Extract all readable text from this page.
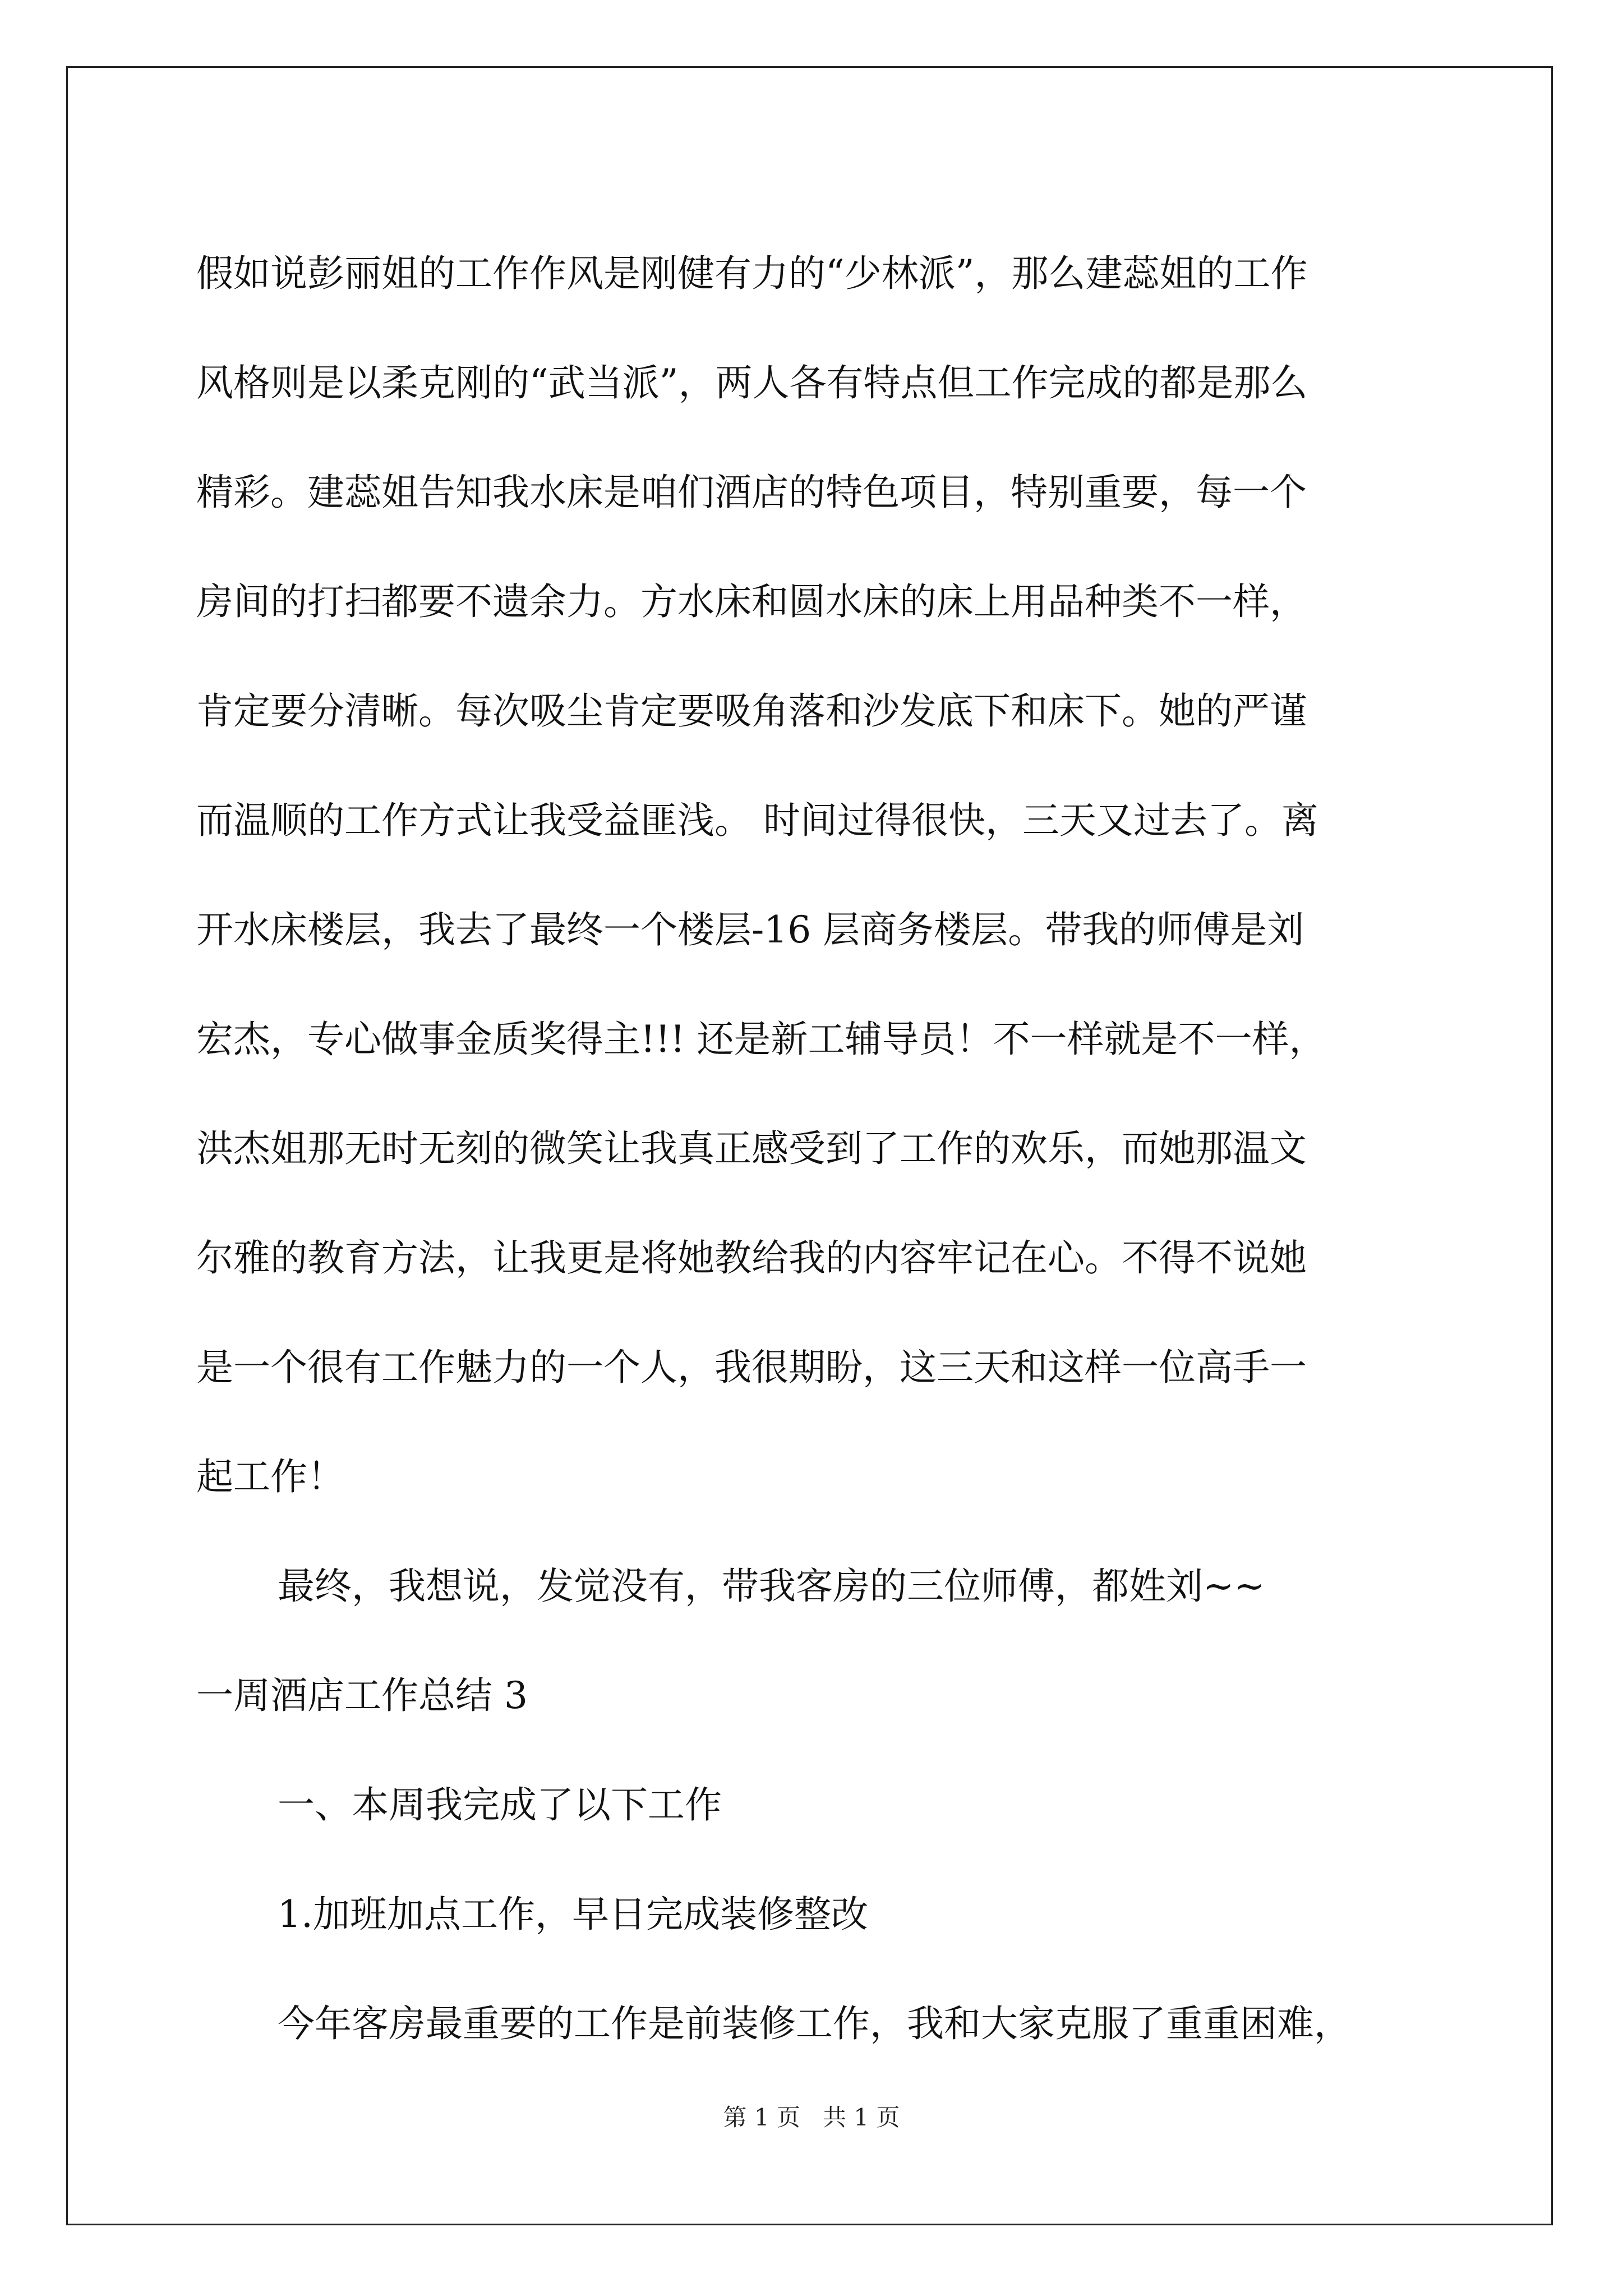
假如说彭丽姐的工作作风是刚健有力的“少林派”，那么建蕊姐的工作
风格则是以柔克刚的“武当派”，两人各有特点但工作完成的都是那么
精彩。建蕊姐告知我水床是咱们酒店的特色项目，特别重要，每一个
房间的打扫都要不遗余力。方水床和圆水床的床上用品种类不一样，
肯定要分清晰。每次吸尘肯定要吸角落和沙发底下和床下。她的严谨
而温顺的工作方式让我受益匪浅。 时间过得很快，三天又过去了。离
开水床楼层，我去了最终一个楼层-16 层商务楼层。带我的师傅是刘
宏杰，专心做事金质奖得主!!! 还是新工辅导员！不一样就是不一样，
洪杰姐那无时无刻的微笑让我真正感受到了工作的欢乐，而她那温文
尔雅的教育方法，让我更是将她教给我的内容牢记在心。不得不说她
是一个很有工作魅力的一个人，我很期盼，这三天和这样一位高手一
起工作！
最终，我想说，发觉没有，带我客房的三位师傅，都姓刘~~
一周酒店工作总结 3
一、本周我完成了以下工作
1.加班加点工作，早日完成装修整改
今年客房最重要的工作是前装修工作，我和大家克服了重重困难，
第 1 页   共 1 页
